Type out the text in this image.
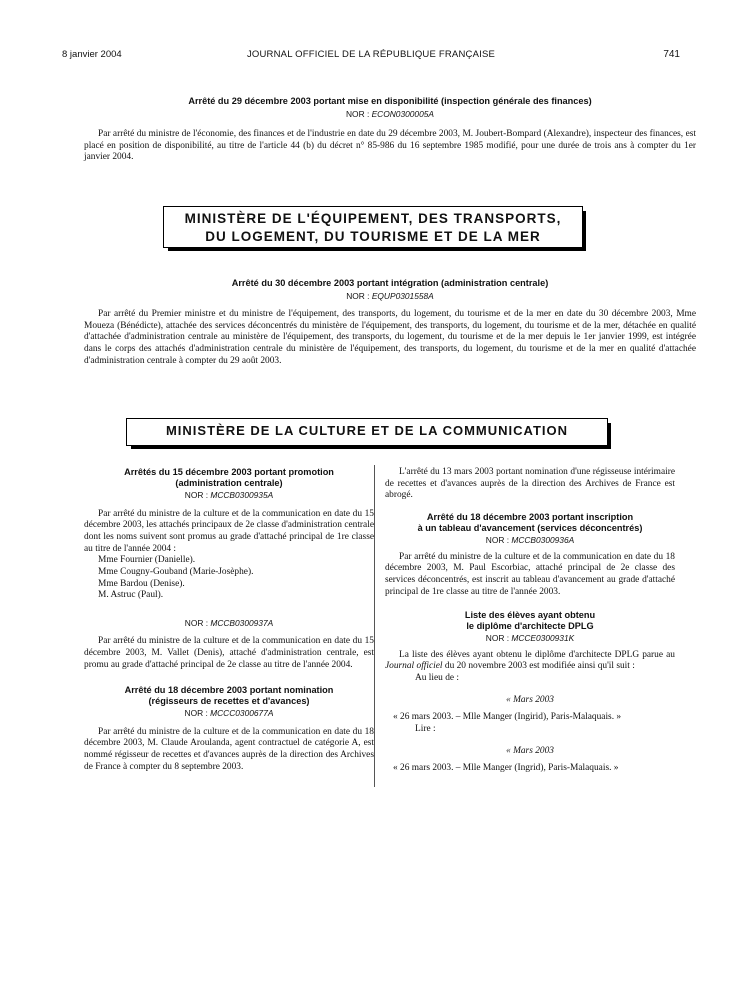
8 janvier 2004	JOURNAL OFFICIEL DE LA RÉPUBLIQUE FRANÇAISE	741

Arrêté du 29 décembre 2003 portant mise en disponibilité (inspection générale des finances)

NOR : ECON0300005A

Par arrêté du ministre de l'économie, des finances et de l'industrie en date du 29 décembre 2003, M. Joubert-Bompard (Alexandre), inspecteur des finances, est placé en position de disponibilité, au titre de l'article 44 (b) du décret n° 85-986 du 16 septembre 1985 modifié, pour une durée de trois ans à compter du 1er janvier 2004.

MINISTÈRE DE L'ÉQUIPEMENT, DES TRANSPORTS,
DU LOGEMENT, DU TOURISME ET DE LA MER

Arrêté du 30 décembre 2003 portant intégration (administration centrale)

NOR : EQUP0301558A

Par arrêté du Premier ministre et du ministre de l'équipement, des transports, du logement, du tourisme et de la mer en date du 30 décembre 2003, Mme Moueza (Bénédicte), attachée des services déconcentrés du ministère de l'équipement, des transports, du logement, du tourisme et de la mer, détachée en qualité d'attachée d'administration centrale au ministère de l'équipement, des transports, du logement, du tourisme et de la mer depuis le 1er janvier 1999, est intégrée dans le corps des attachés d'administration centrale du ministère de l'équipement, des transports, du logement, du tourisme et de la mer en qualité d'attachée d'administration centrale à compter du 29 août 2003.

MINISTÈRE DE LA CULTURE ET DE LA COMMUNICATION

Arrêtés du 15 décembre 2003 portant promotion
(administration centrale)

NOR : MCCB0300935A

Par arrêté du ministre de la culture et de la communication en date du 15 décembre 2003, les attachés principaux de 2e classe d'administration centrale dont les noms suivent sont promus au grade d'attaché principal de 1re classe au titre de l'année 2004 :

Mme Fournier (Danielle).
Mme Cougny-Gouband (Marie-Josèphe).
Mme Bardou (Denise).
M. Astruc (Paul).

NOR : MCCB0300937A

Par arrêté du ministre de la culture et de la communication en date du 15 décembre 2003, M. Vallet (Denis), attaché d'administration centrale, est promu au grade d'attaché principal de 2e classe au titre de l'année 2004.

Arrêté du 18 décembre 2003 portant nomination
(régisseurs de recettes et d'avances)

NOR : MCCC0300677A

Par arrêté du ministre de la culture et de la communication en date du 18 décembre 2003, M. Claude Aroulanda, agent contractuel de catégorie A, est nommé régisseur de recettes et d'avances auprès de la direction des Archives de France à compter du 8 septembre 2003.

L'arrêté du 13 mars 2003 portant nomination d'une régisseuse intérimaire de recettes et d'avances auprès de la direction des Archives de France est abrogé.

Arrêté du 18 décembre 2003 portant inscription
à un tableau d'avancement (services déconcentrés)

NOR : MCCB0300936A

Par arrêté du ministre de la culture et de la communication en date du 18 décembre 2003, M. Paul Escorbiac, attaché principal de 2e classe des services déconcentrés, est inscrit au tableau d'avancement au grade d'attaché principal de 1re classe au titre de l'année 2003.

Liste des élèves ayant obtenu
le diplôme d'architecte DPLG

NOR : MCCE0300931K

La liste des élèves ayant obtenu le diplôme d'architecte DPLG parue au Journal officiel du 20 novembre 2003 est modifiée ainsi qu'il suit :

Au lieu de :

« Mars 2003

« 26 mars 2003. – Mlle Manger (Ingirid), Paris-Malaquais. »

Lire :

« Mars 2003

« 26 mars 2003. – Mlle Manger (Ingrid), Paris-Malaquais. »
